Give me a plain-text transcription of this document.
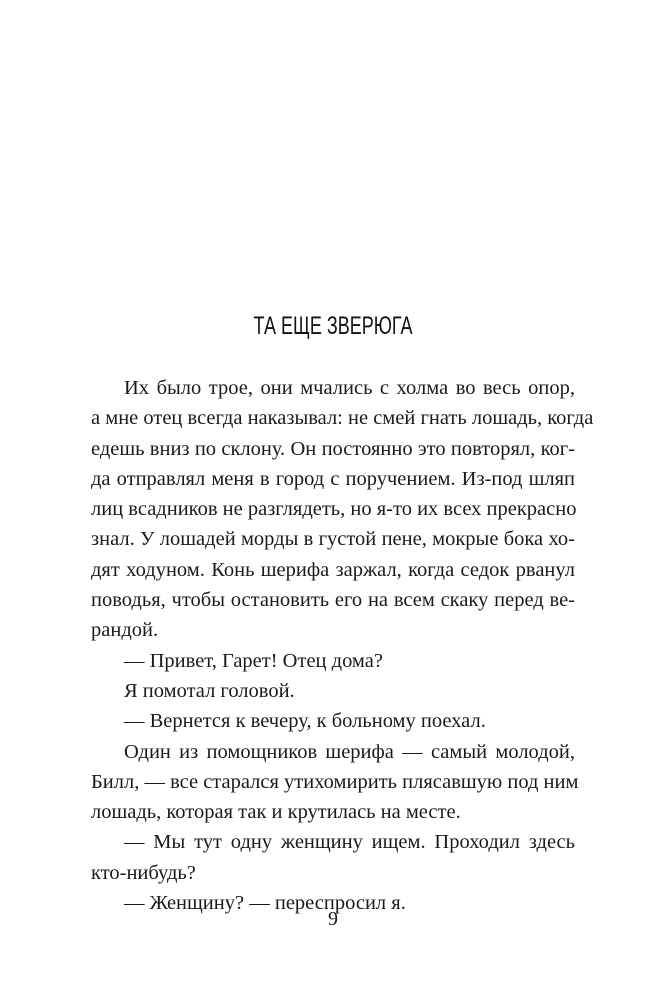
ТА ЕЩЕ ЗВЕРЮГА
Их было трое, они мчались с холма во весь опор,
а мне отец всегда наказывал: не смей гнать лошадь, когда
едешь вниз по склону. Он постоянно это повторял, ког-
да отправлял меня в город с поручением. Из-под шляп
лиц всадников не разглядеть, но я-то их всех прекрасно
знал. У лошадей морды в густой пене, мокрые бока хо-
дят ходуном. Конь шерифа заржал, когда седок рванул
поводья, чтобы остановить его на всем скаку перед ве-
рандой.
— Привет, Гарет! Отец дома?
Я помотал головой.
— Вернется к вечеру, к больному поехал.
Один из помощников шерифа — самый молодой,
Билл, — все старался утихомирить плясавшую под ним
лошадь, которая так и крутилась на месте.
— Мы тут одну женщину ищем. Проходил здесь
кто-нибудь?
— Женщину? — переспросил я.
9
